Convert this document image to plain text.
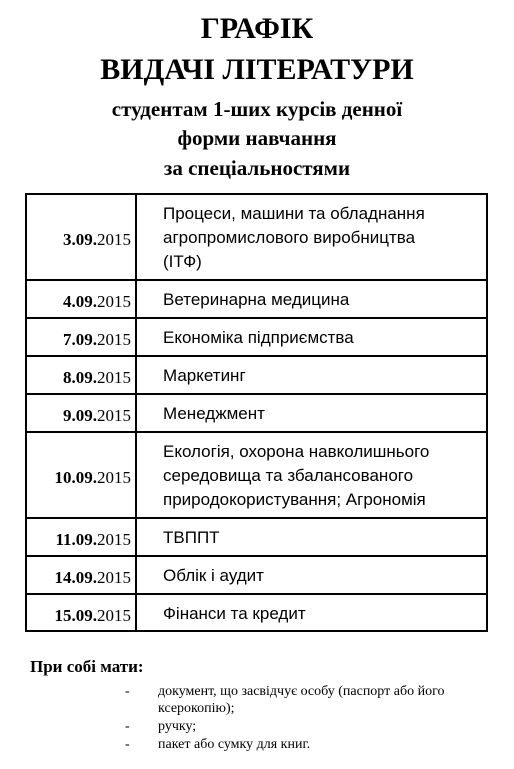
ГРАФІК
ВИДАЧІ ЛІТЕРАТУРИ
студентам 1-ших курсів денної
форми навчання
за спеціальностями
3.09.2015	Процеси, машини та обладнання
агропромислового виробництва
(ІТФ)

4.09.2015	Ветеринарна медицина

7.09.2015	Економіка підприємства

8.09.2015	Маркетинг

9.09.2015	Менеджмент

10.09.2015	Екологія, охорона навколишнього
середовища та збалансованого
природокористування; Агрономія

11.09.2015	ТВППТ

14.09.2015	Облік і аудит

15.09.2015	Фінанси та кредит

При собі мати:

- документ, що засвідчує особу (паспорт або його
ксерокопію);
- ручку;
- пакет або сумку для книг.
